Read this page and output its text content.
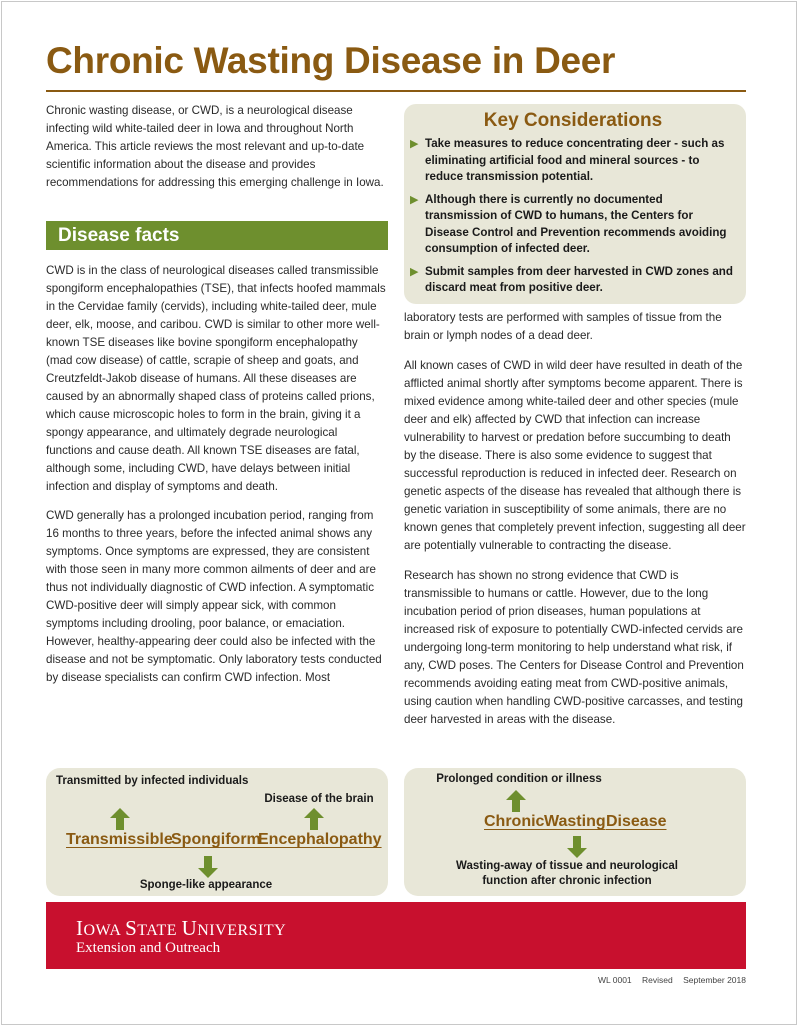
Chronic Wasting Disease in Deer

Chronic wasting disease, or CWD, is a neurological disease infecting wild white-tailed deer in Iowa and throughout North America. This article reviews the most relevant and up-to-date scientific information about the disease and provides recommendations for addressing this emerging challenge in Iowa.

Disease facts

CWD is in the class of neurological diseases called transmissible spongiform encephalopathies (TSE), that infects hoofed mammals in the Cervidae family (cervids), including white-tailed deer, mule deer, elk, moose, and caribou. CWD is similar to other more well-known TSE diseases like bovine spongiform encephalopathy (mad cow disease) of cattle, scrapie of sheep and goats, and Creutzfeldt-Jakob disease of humans. All these diseases are caused by an abnormally shaped class of proteins called prions, which cause microscopic holes to form in the brain, giving it a spongy appearance, and ultimately degrade neurological functions and cause death. All known TSE diseases are fatal, although some, including CWD, have delays between initial infection and display of symptoms and death.

CWD generally has a prolonged incubation period, ranging from 16 months to three years, before the infected animal shows any symptoms. Once symptoms are expressed, they are consistent with those seen in many more common ailments of deer and are thus not individually diagnostic of CWD infection. A symptomatic CWD-positive deer will simply appear sick, with common symptoms including drooling, poor balance, or emaciation. However, healthy-appearing deer could also be infected with the disease and not be symptomatic. Only laboratory tests conducted by disease specialists can confirm CWD infection. Most

Key Considerations
▶ Take measures to reduce concentrating deer - such as eliminating artificial food and mineral sources - to reduce transmission potential.
▶ Although there is currently no documented transmission of CWD to humans, the Centers for Disease Control and Prevention recommends avoiding consumption of infected deer.
▶ Submit samples from deer harvested in CWD zones and discard meat from positive deer.

laboratory tests are performed with samples of tissue from the brain or lymph nodes of a dead deer.

All known cases of CWD in wild deer have resulted in death of the afflicted animal shortly after symptoms become apparent. There is mixed evidence among white-tailed deer and other species (mule deer and elk) affected by CWD that infection can increase vulnerability to harvest or predation before succumbing to death by the disease. There is also some evidence to suggest that successful reproduction is reduced in infected deer. Research on genetic aspects of the disease has revealed that although there is genetic variation in susceptibility of some animals, there are no known genes that completely prevent infection, suggesting all deer are potentially vulnerable to contracting the disease.

Research has shown no strong evidence that CWD is transmissible to humans or cattle. However, due to the long incubation period of prion diseases, human populations at increased risk of exposure to potentially CWD-infected cervids are undergoing long-term monitoring to help understand what risk, if any, CWD poses. The Centers for Disease Control and Prevention recommends avoiding eating meat from CWD-positive animals, using caution when handling CWD-positive carcasses, and testing deer harvested in areas with the disease.

Transmitted by infected individuals
Disease of the brain
Transmissible
Spongiform
Encephalopathy
Sponge-like appearance
Prolonged condition or illness
Chronic Wasting Disease
Wasting-away of tissue and neurological function after chronic infection
IOWA STATE UNIVERSITY
Extension and Outreach
WL 0001 Revised September 2018
